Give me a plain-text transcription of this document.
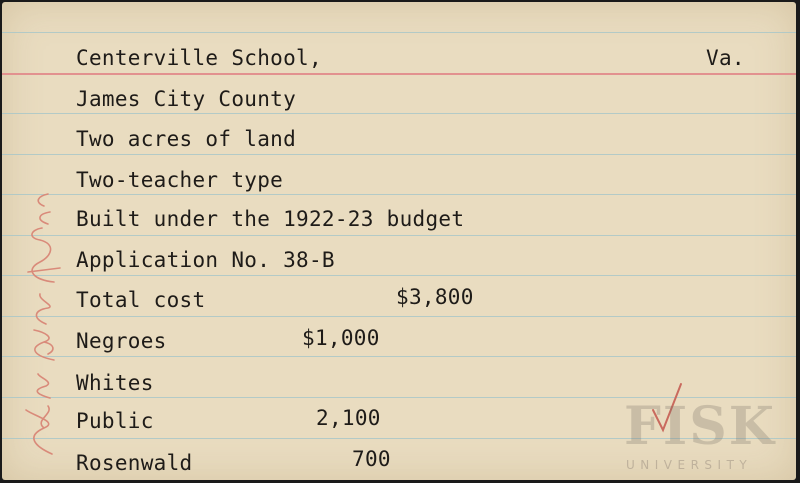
Centerville School,	Va.
James City County
Two acres of land
Two-teacher type
Built under the 1922-23 budget
Application No. 38-B
Total cost	$3,800
Negroes	$1,000
Whites
Public	2,100
Rosenwald	700
FISK
UNIVERSITY
